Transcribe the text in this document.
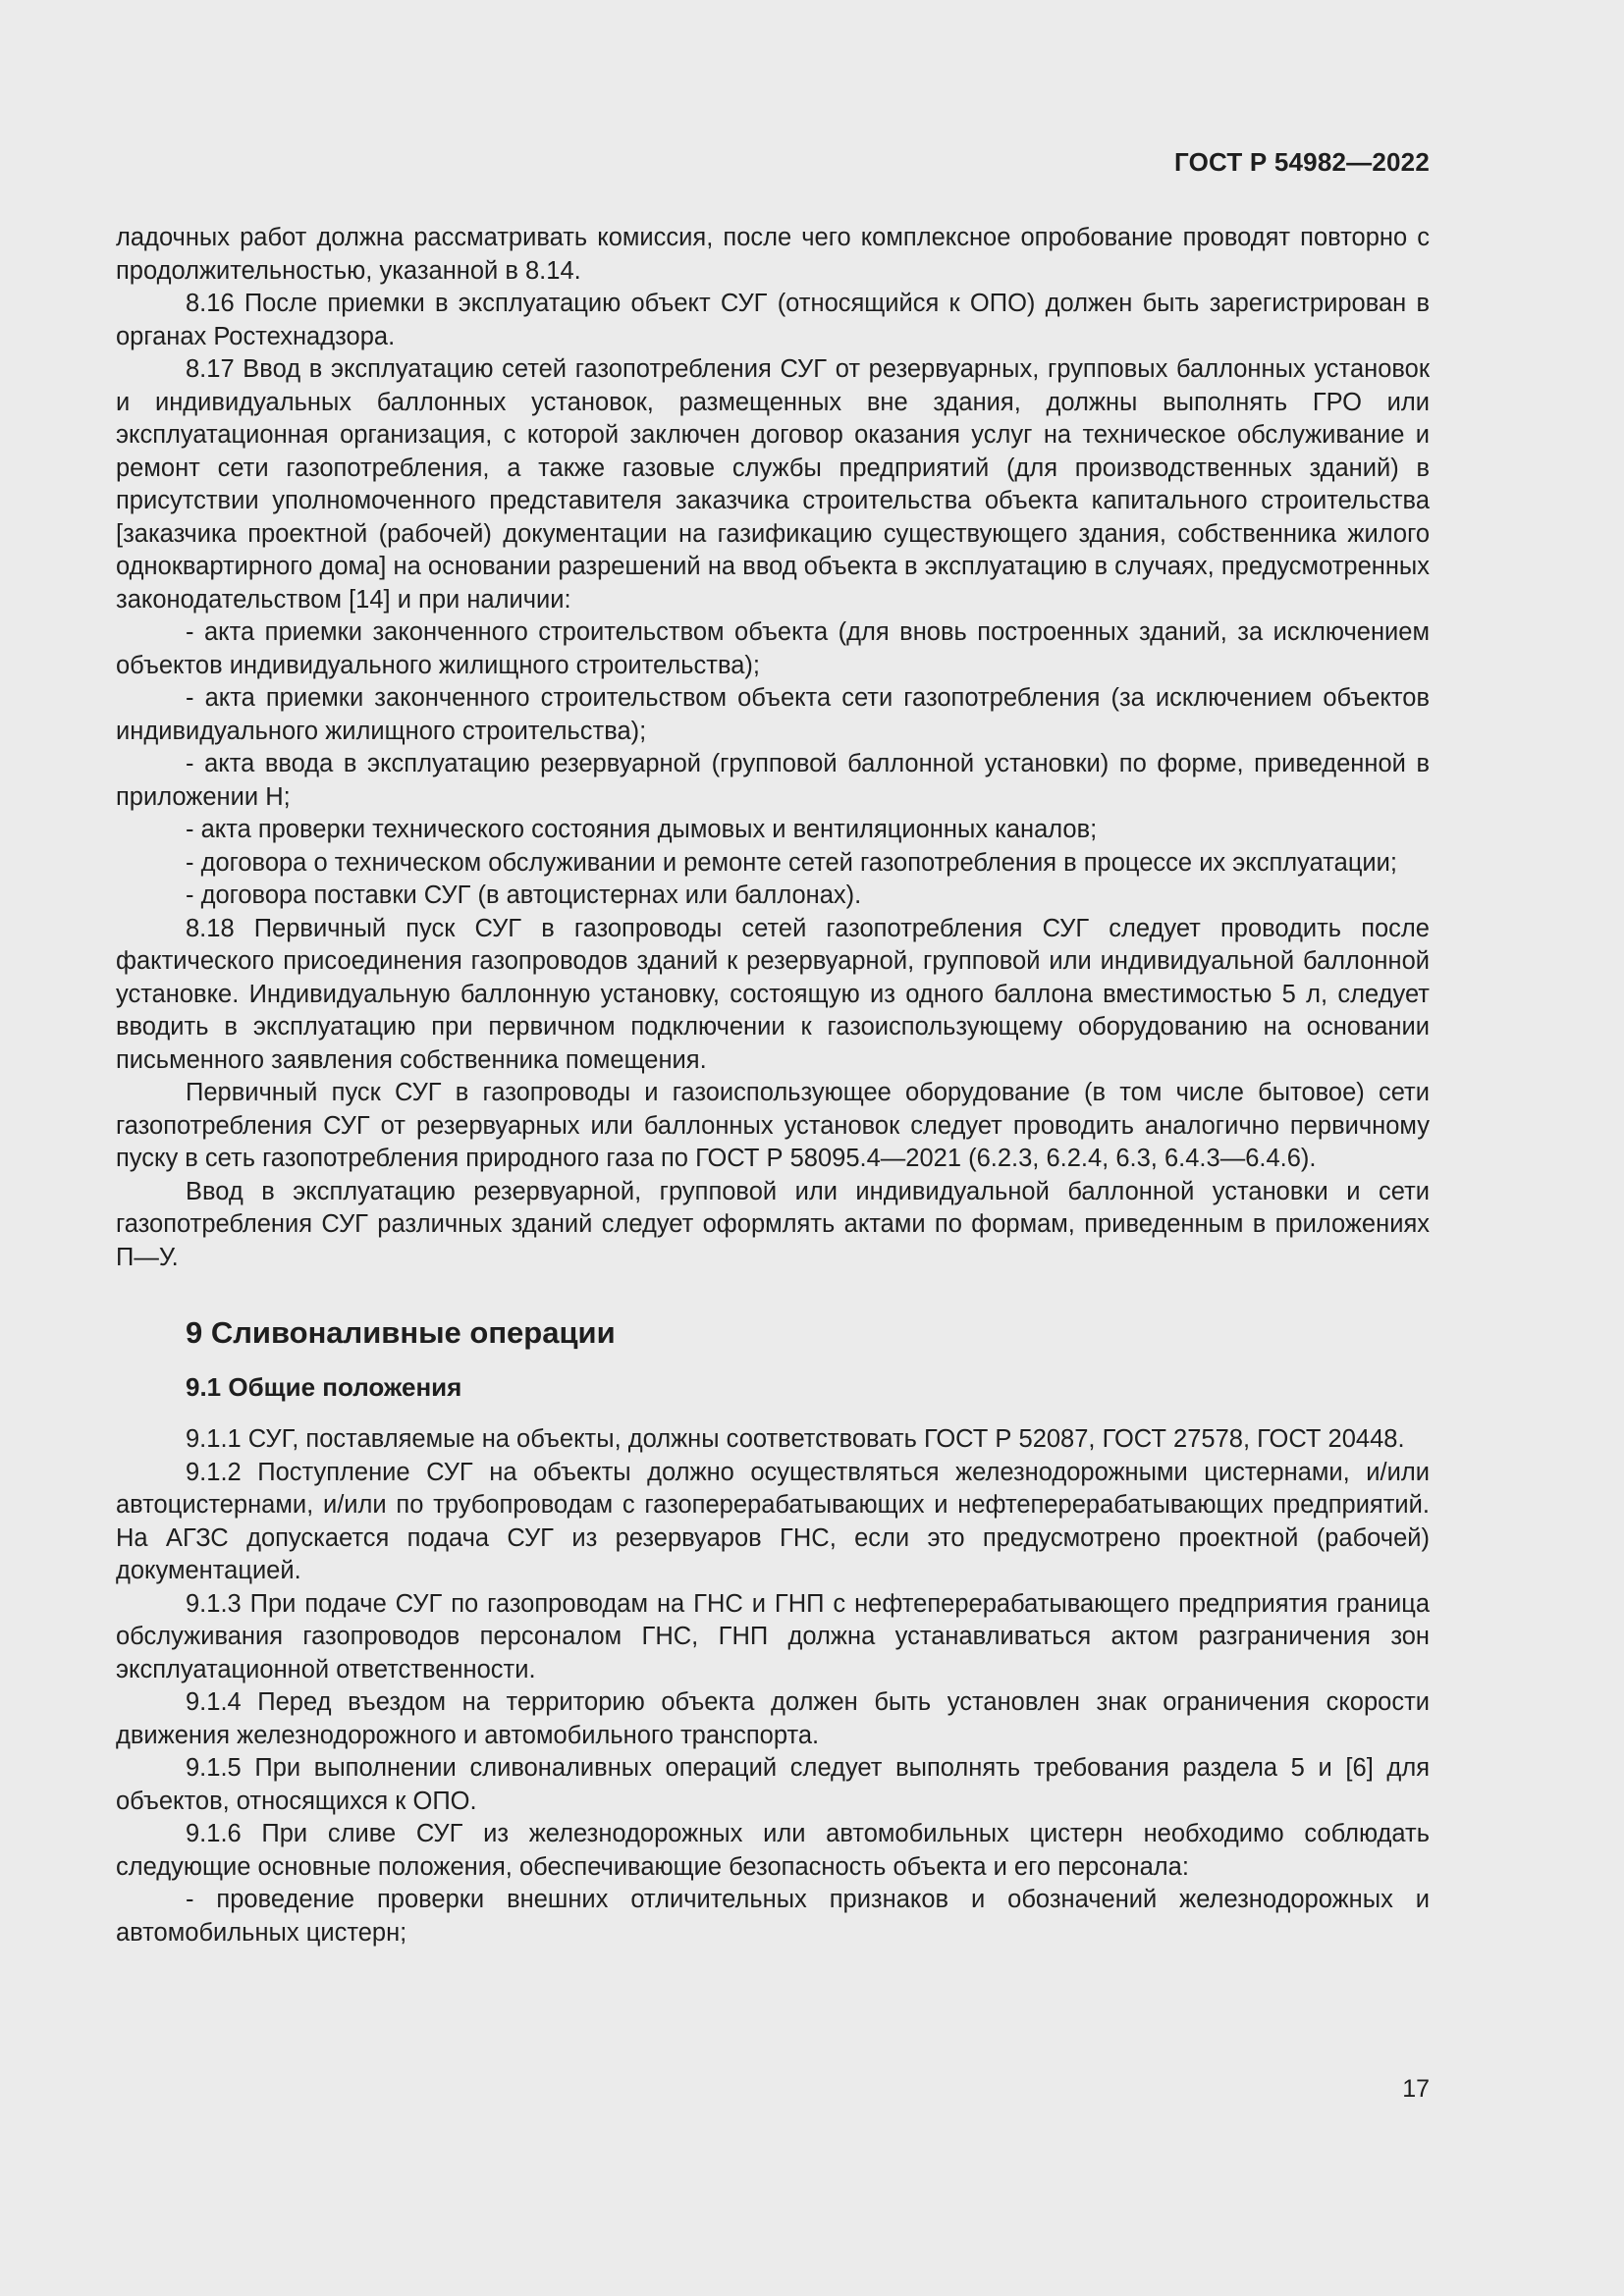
ГОСТ Р 54982—2022

ладочных работ должна рассматривать комиссия, после чего комплексное опробование проводят повторно с продолжительностью, указанной в 8.14.

8.16 После приемки в эксплуатацию объект СУГ (относящийся к ОПО) должен быть зарегистрирован в органах Ростехнадзора.

8.17 Ввод в эксплуатацию сетей газопотребления СУГ от резервуарных, групповых баллонных установок и индивидуальных баллонных установок, размещенных вне здания, должны выполнять ГРО или эксплуатационная организация, с которой заключен договор оказания услуг на техническое обслуживание и ремонт сети газопотребления, а также газовые службы предприятий (для производственных зданий) в присутствии уполномоченного представителя заказчика строительства объекта капитального строительства [заказчика проектной (рабочей) документации на газификацию существующего здания, собственника жилого одноквартирного дома] на основании разрешений на ввод объекта в эксплуатацию в случаях, предусмотренных законодательством [14] и при наличии:

- акта приемки законченного строительством объекта (для вновь построенных зданий, за исключением объектов индивидуального жилищного строительства);

- акта приемки законченного строительством объекта сети газопотребления (за исключением объектов индивидуального жилищного строительства);

- акта ввода в эксплуатацию резервуарной (групповой баллонной установки) по форме, приведенной в приложении Н;

- акта проверки технического состояния дымовых и вентиляционных каналов;

- договора о техническом обслуживании и ремонте сетей газопотребления в процессе их эксплуатации;

- договора поставки СУГ (в автоцистернах или баллонах).

8.18 Первичный пуск СУГ в газопроводы сетей газопотребления СУГ следует проводить после фактического присоединения газопроводов зданий к резервуарной, групповой или индивидуальной баллонной установке. Индивидуальную баллонную установку, состоящую из одного баллона вместимостью 5 л, следует вводить в эксплуатацию при первичном подключении к газоиспользующему оборудованию на основании письменного заявления собственника помещения.

Первичный пуск СУГ в газопроводы и газоиспользующее оборудование (в том числе бытовое) сети газопотребления СУГ от резервуарных или баллонных установок следует проводить аналогично первичному пуску в сеть газопотребления природного газа по ГОСТ Р 58095.4—2021 (6.2.3, 6.2.4, 6.3, 6.4.3—6.4.6).

Ввод в эксплуатацию резервуарной, групповой или индивидуальной баллонной установки и сети газопотребления СУГ различных зданий следует оформлять актами по формам, приведенным в приложениях П—У.

9 Сливоналивные операции
9.1 Общие положения

9.1.1 СУГ, поставляемые на объекты, должны соответствовать ГОСТ Р 52087, ГОСТ 27578, ГОСТ 20448.

9.1.2 Поступление СУГ на объекты должно осуществляться железнодорожными цистернами, и/или автоцистернами, и/или по трубопроводам с газоперерабатывающих и нефтеперерабатывающих предприятий. На АГЗС допускается подача СУГ из резервуаров ГНС, если это предусмотрено проектной (рабочей) документацией.

9.1.3 При подаче СУГ по газопроводам на ГНС и ГНП с нефтеперерабатывающего предприятия граница обслуживания газопроводов персоналом ГНС, ГНП должна устанавливаться актом разграничения зон эксплуатационной ответственности.

9.1.4 Перед въездом на территорию объекта должен быть установлен знак ограничения скорости движения железнодорожного и автомобильного транспорта.

9.1.5 При выполнении сливоналивных операций следует выполнять требования раздела 5 и [6] для объектов, относящихся к ОПО.

9.1.6 При сливе СУГ из железнодорожных или автомобильных цистерн необходимо соблюдать следующие основные положения, обеспечивающие безопасность объекта и его персонала:

- проведение проверки внешних отличительных признаков и обозначений железнодорожных и автомобильных цистерн;

17
